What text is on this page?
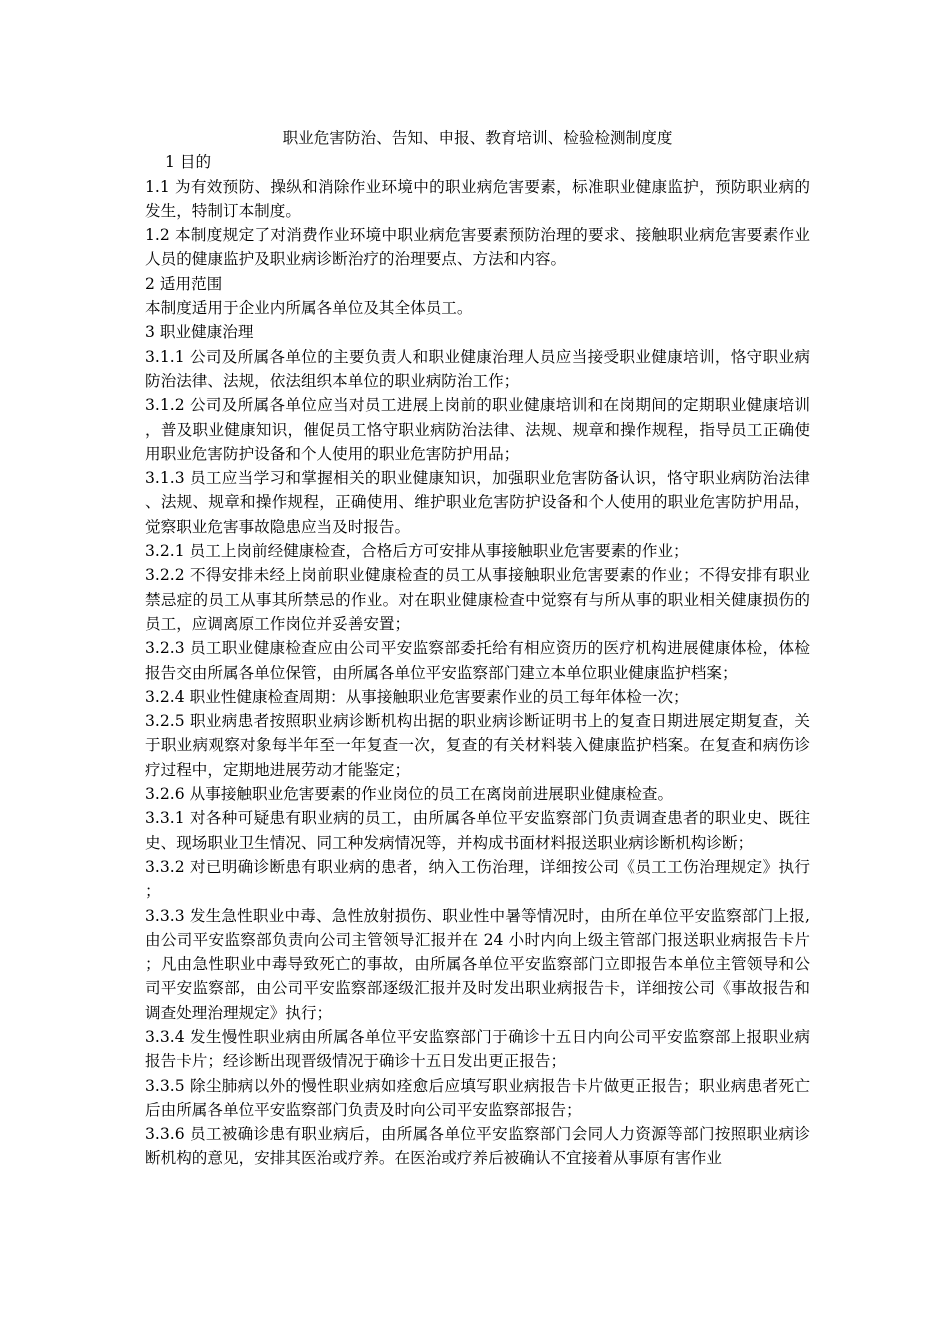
职业危害防治、告知、申报、教育培训、检验检测制度度

1 目的

1.1 为有效预防、操纵和消除作业环境中的职业病危害要素，标准职业健康监护，预防职业病的发生，特制订本制度。

1.2 本制度规定了对消费作业环境中职业病危害要素预防治理的要求、接触职业病危害要素作业人员的健康监护及职业病诊断治疗的治理要点、方法和内容。

2 适用范围

本制度适用于企业内所属各单位及其全体员工。

3 职业健康治理

3.1.1 公司及所属各单位的主要负责人和职业健康治理人员应当接受职业健康培训，恪守职业病防治法律、法规，依法组织本单位的职业病防治工作；

3.1.2 公司及所属各单位应当对员工进展上岗前的职业健康培训和在岗期间的定期职业健康培训，普及职业健康知识，催促员工恪守职业病防治法律、法规、规章和操作规程，指导员工正确使用职业危害防护设备和个人使用的职业危害防护用品；

3.1.3 员工应当学习和掌握相关的职业健康知识，加强职业危害防备认识，恪守职业病防治法律、法规、规章和操作规程，正确使用、维护职业危害防护设备和个人使用的职业危害防护用品，觉察职业危害事故隐患应当及时报告。

3.2.1 员工上岗前经健康检查，合格后方可安排从事接触职业危害要素的作业；

3.2.2 不得安排未经上岗前职业健康检查的员工从事接触职业危害要素的作业；不得安排有职业禁忌症的员工从事其所禁忌的作业。对在职业健康检查中觉察有与所从事的职业相关健康损伤的员工，应调离原工作岗位并妥善安置；

3.2.3 员工职业健康检查应由公司平安监察部委托给有相应资历的医疗机构进展健康体检，体检报告交由所属各单位保管，由所属各单位平安监察部门建立本单位职业健康监护档案；

3.2.4 职业性健康检查周期：从事接触职业危害要素作业的员工每年体检一次；

3.2.5 职业病患者按照职业病诊断机构出据的职业病诊断证明书上的复查日期进展定期复查，关于职业病观察对象每半年至一年复查一次，复查的有关材料装入健康监护档案。在复查和病伤诊疗过程中，定期地进展劳动才能鉴定；

3.2.6 从事接触职业危害要素的作业岗位的员工在离岗前进展职业健康检查。

3.3.1 对各种可疑患有职业病的员工，由所属各单位平安监察部门负责调查患者的职业史、既往史、现场职业卫生情况、同工种发病情况等，并构成书面材料报送职业病诊断机构诊断；

3.3.2 对已明确诊断患有职业病的患者，纳入工伤治理，详细按公司《员工工伤治理规定》执行；

3.3.3 发生急性职业中毒、急性放射损伤、职业性中暑等情况时，由所在单位平安监察部门上报,由公司平安监察部负责向公司主管领导汇报并在 24 小时内向上级主管部门报送职业病报告卡片；凡由急性职业中毒导致死亡的事故，由所属各单位平安监察部门立即报告本单位主管领导和公司平安监察部，由公司平安监察部逐级汇报并及时发出职业病报告卡，详细按公司《事故报告和调查处理治理规定》执行；

3.3.4 发生慢性职业病由所属各单位平安监察部门于确诊十五日内向公司平安监察部上报职业病报告卡片；经诊断出现晋级情况于确诊十五日发出更正报告；

3.3.5 除尘肺病以外的慢性职业病如痊愈后应填写职业病报告卡片做更正报告；职业病患者死亡后由所属各单位平安监察部门负责及时向公司平安监察部报告；

3.3.6 员工被确诊患有职业病后，由所属各单位平安监察部门会同人力资源等部门按照职业病诊断机构的意见，安排其医治或疗养。在医治或疗养后被确认不宜接着从事原有害作业
